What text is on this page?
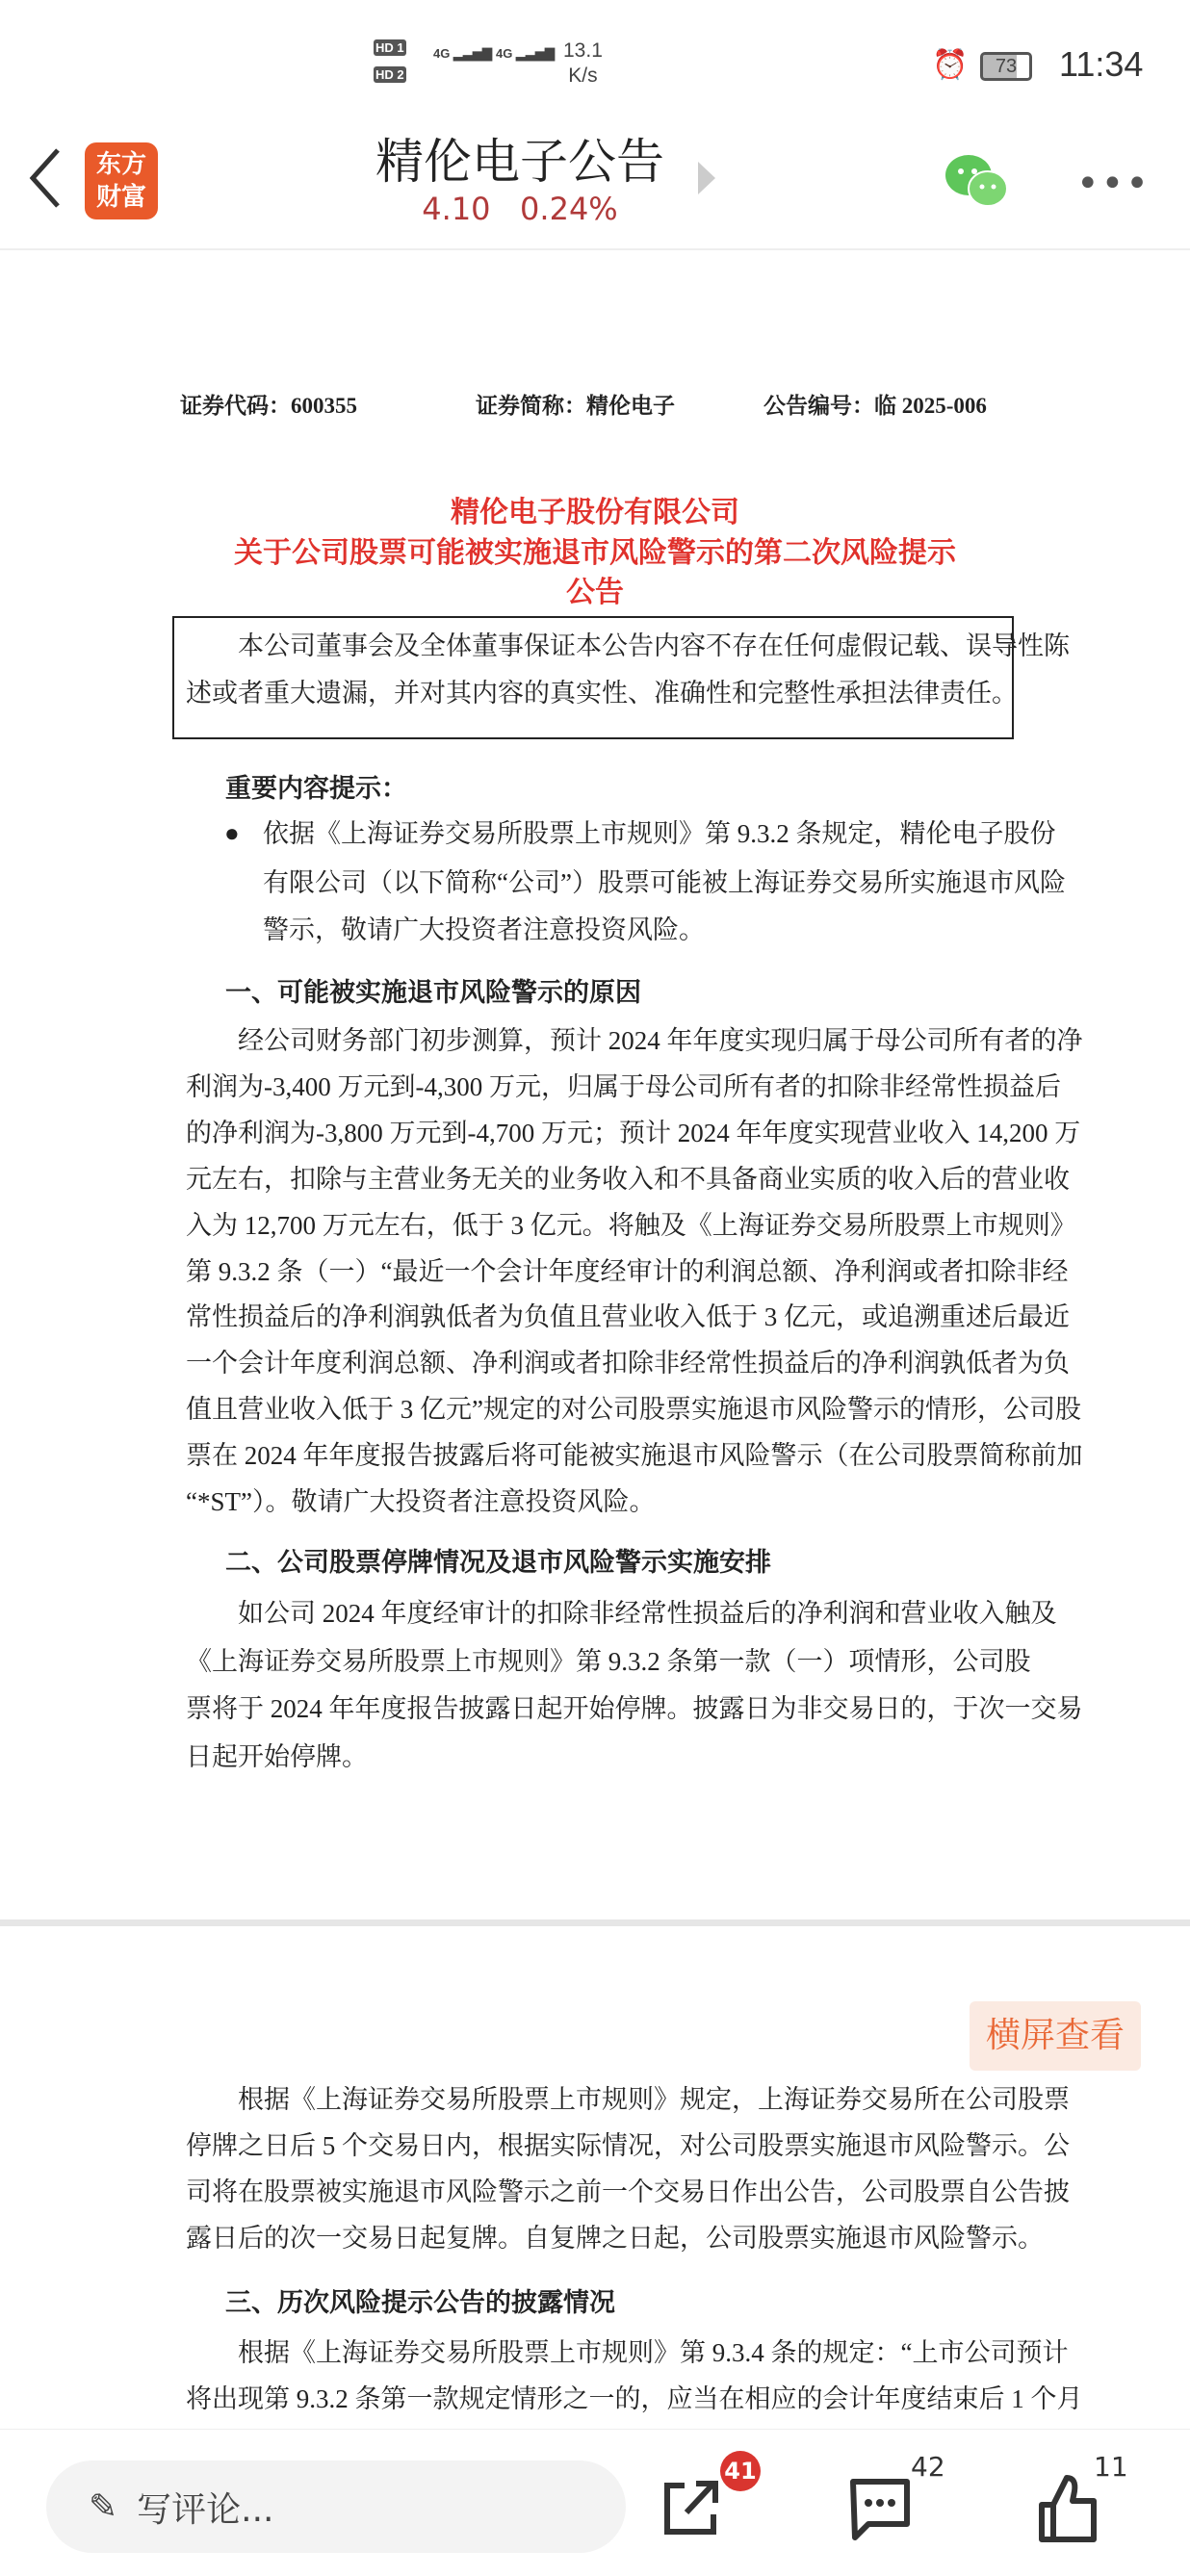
HD 1
HD 2
4G ▂▃▅▇ 4G ▂▃▅▇ 13.1
K/s	⏰	73	11:34
东方
财富
精伦电子公告
4.10 0.24%
•••
证券代码：600355	证券简称：精伦电子	公告编号：临 2025-006
精伦电子股份有限公司
关于公司股票可能被实施退市风险警示的第二次风险提示
公告
本公司董事会及全体董事保证本公告内容不存在任何虚假记载、误导性陈
述或者重大遗漏，并对其内容的真实性、准确性和完整性承担法律责任。
重要内容提示：
● 依据《上海证券交易所股票上市规则》第 9.3.2 条规定，精伦电子股份
有限公司（以下简称“公司”）股票可能被上海证券交易所实施退市风险
警示，敬请广大投资者注意投资风险。
一、可能被实施退市风险警示的原因
经公司财务部门初步测算，预计 2024 年年度实现归属于母公司所有者的净
利润为-3,400 万元到-4,300 万元，归属于母公司所有者的扣除非经常性损益后
的净利润为-3,800 万元到-4,700 万元；预计 2024 年年度实现营业收入 14,200 万
元左右，扣除与主营业务无关的业务收入和不具备商业实质的收入后的营业收
入为 12,700 万元左右，低于 3 亿元。将触及《上海证券交易所股票上市规则》
第 9.3.2 条（一）“最近一个会计年度经审计的利润总额、净利润或者扣除非经
常性损益后的净利润孰低者为负值且营业收入低于 3 亿元，或追溯重述后最近
一个会计年度利润总额、净利润或者扣除非经常性损益后的净利润孰低者为负
值且营业收入低于 3 亿元”规定的对公司股票实施退市风险警示的情形，公司股
票在 2024 年年度报告披露后将可能被实施退市风险警示（在公司股票简称前加
“*ST”）。敬请广大投资者注意投资风险。
二、公司股票停牌情况及退市风险警示实施安排
如公司 2024 年度经审计的扣除非经常性损益后的净利润和营业收入触及
《上海证券交易所股票上市规则》第 9.3.2 条第一款（一）项情形，公司股
票将于 2024 年年度报告披露日起开始停牌。披露日为非交易日的，于次一交易
日起开始停牌。
根据《上海证券交易所股票上市规则》规定，上海证券交易所在公司股票
停牌之日后 5 个交易日内，根据实际情况，对公司股票实施退市风险警示。公
司将在股票被实施退市风险警示之前一个交易日作出公告，公司股票自公告披
露日后的次一交易日起复牌。自复牌之日起，公司股票实施退市风险警示。
三、历次风险提示公告的披露情况
根据《上海证券交易所股票上市规则》第 9.3.4 条的规定：“上市公司预计
将出现第 9.3.2 条第一款规定情形之一的，应当在相应的会计年度结束后 1 个月
横屏查看
✎ 写评论...
41	42	11
